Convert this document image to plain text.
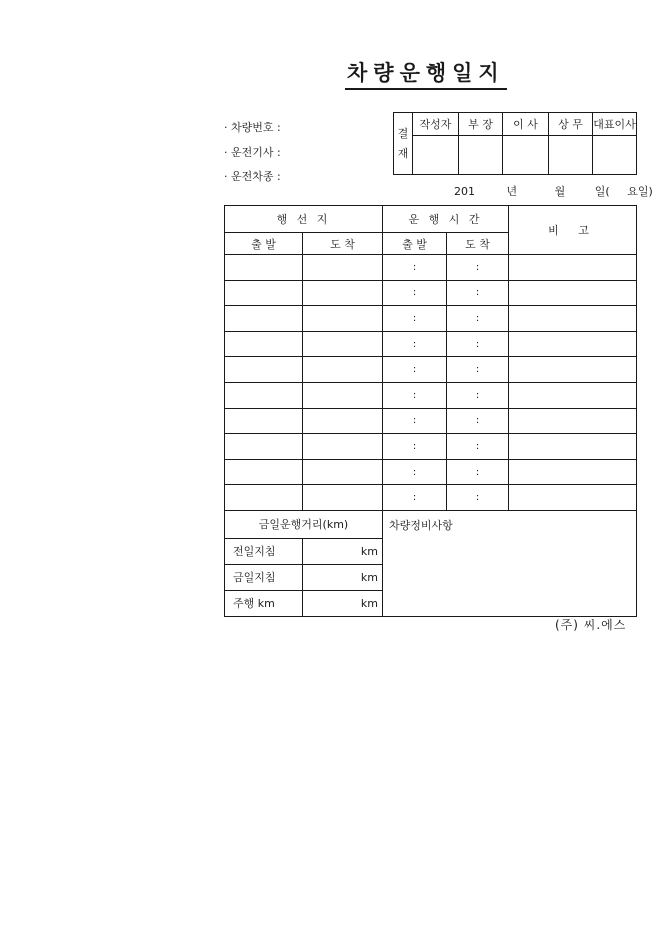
차량운행일지
· 차량번호 :
· 운전기사 :
· 운전차종 :
결
재	작성자	부 장	이 사	상 무	대표이사

201	년	월	일( 요일)
행 선 지		운 행 시 간		비 고
출 발	도 착	출 발	도 착	
		:	:	
		:	:	
		:	:	
		:	:	
		:	:	
		:	:	
		:	:	
		:	:	
		:	:	
		:	:	
금일운행거리(km)		차량정비사항		
전일지침	km			
금일지침	km			
주행 km	km			
(주) 씨.에스
